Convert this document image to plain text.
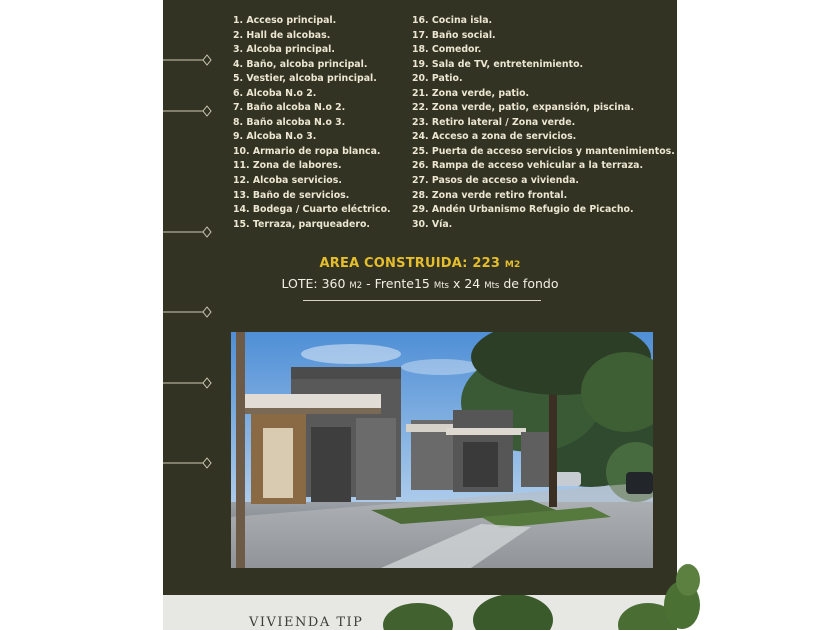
1. Acceso principal.
2. Hall de alcobas.
3. Alcoba principal.
4. Baño, alcoba principal.
5. Vestier, alcoba principal.
6. Alcoba N.o 2.
7. Baño alcoba N.o 2.
8. Baño alcoba N.o 3.
9. Alcoba N.o 3.
10. Armario de ropa blanca.
11. Zona de labores.
12. Alcoba servicios.
13. Baño de servicios.
14. Bodega / Cuarto eléctrico.
15. Terraza, parqueadero.
16. Cocina isla.
17. Baño social.
18. Comedor.
19. Sala de TV, entretenimiento.
20. Patio.
21. Zona verde, patio.
22. Zona verde, patio, expansión, piscina.
23. Retiro lateral / Zona verde.
24. Acceso a zona de servicios.
25. Puerta de acceso servicios y mantenimientos.
26. Rampa de acceso vehicular a la terraza.
27. Pasos de acceso a vivienda.
28. Zona verde retiro frontal.
29. Andén Urbanismo Refugio de Picacho.
30. Vía.
AREA CONSTRUIDA: 223 M2
LOTE: 360 M2 - Frente15 Mts x 24 Mts de fondo
VIVIENDA TIP
